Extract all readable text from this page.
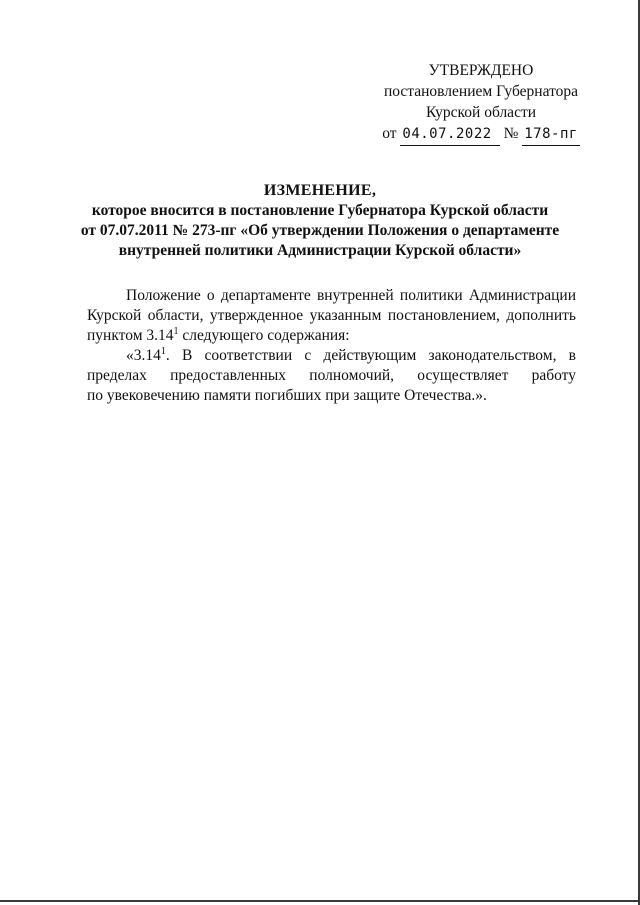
УТВЕРЖДЕНО
постановлением Губернатора
Курской области
от 04.07.2022 № 178-пг
ИЗМЕНЕНИЕ,
которое вносится в постановление Губернатора Курской области
от 07.07.2011 № 273-пг «Об утверждении Положения о департаменте
внутренней политики Администрации Курской области»

Положение о департаменте внутренней политики Администрации Курской области, утвержденное указанным постановлением, дополнить пунктом 3.14$^1$ следующего содержания:

«3.14$^1$. В соответствии с действующим законодательством, в пределах предоставленных полномочий, осуществляет работу

по увековечению памяти погибших при защите Отечества.».
